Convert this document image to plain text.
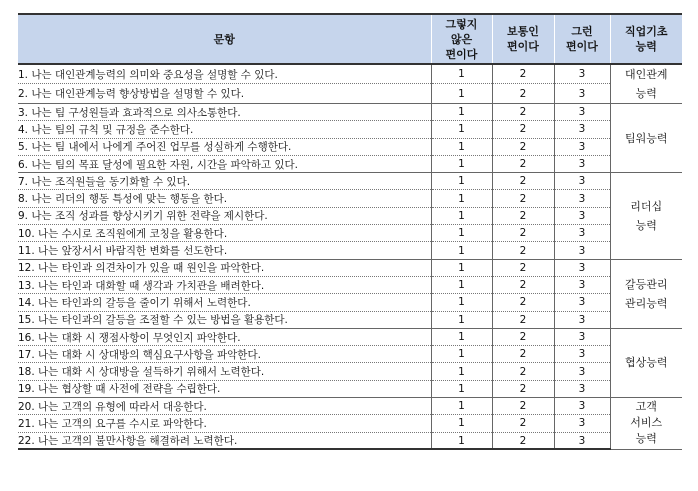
문항	그렇지
않은
편이다	보통인
편이다	그런
편이다	직업기초
능력

1. 나는 대인관계능력의 의미와 중요성을 설명할 수 있다.	1	2	3	대인관계
능력

2. 나는 대인관계능력 향상방법을 설명할 수 있다.	1	2	3	
3. 나는 팀 구성원들과 효과적으로 의사소통한다.	1	2	3	팀워능력

4. 나는 팀의 규칙 및 규정을 준수한다.	1	2	3	
5. 나는 팀 내에서 나에게 주어진 업무를 성실하게 수행한다.	1	2	3	
6. 나는 팀의 목표 달성에 필요한 자원, 시간을 파악하고 있다.	1	2	3	
7. 나는 조직원들을 동기화할 수 있다.	1	2	3	리더십
능력

8. 나는 리더의 행동 특성에 맞는 행동을 한다.	1	2	3	
9. 나는 조직 성과를 향상시키기 위한 전략을 제시한다.	1	2	3	
10. 나는 수시로 조직원에게 코칭을 활용한다.	1	2	3	
11. 나는 앞장서서 바람직한 변화를 선도한다.	1	2	3	
12. 나는 타인과 의견차이가 있을 때 원인을 파악한다.	1	2	3	갈등관리
관리능력

13. 나는 타인과 대화할 때 생각과 가치관을 배려한다.	1	2	3	
14. 나는 타인과의 갈등을 줄이기 위해서 노력한다.	1	2	3	
15. 나는 타인과의 갈등을 조절할 수 있는 방법을 활용한다.	1	2	3	
16. 나는 대화 시 쟁점사항이 무엇인지 파악한다.	1	2	3	협상능력

17. 나는 대화 시 상대방의 핵심요구사항을 파악한다.	1	2	3	
18. 나는 대화 시 상대방을 설득하기 위해서 노력한다.	1	2	3	
19. 나는 협상할 때 사전에 전략을 수립한다.	1	2	3	
20. 나는 고객의 유형에 따라서 대응한다.	1	2	3	고객
서비스
능력

21. 나는 고객의 요구를 수시로 파악한다.	1	2	3	
22. 나는 고객의 불만사항을 해결하려 노력한다.	1	2	3	
